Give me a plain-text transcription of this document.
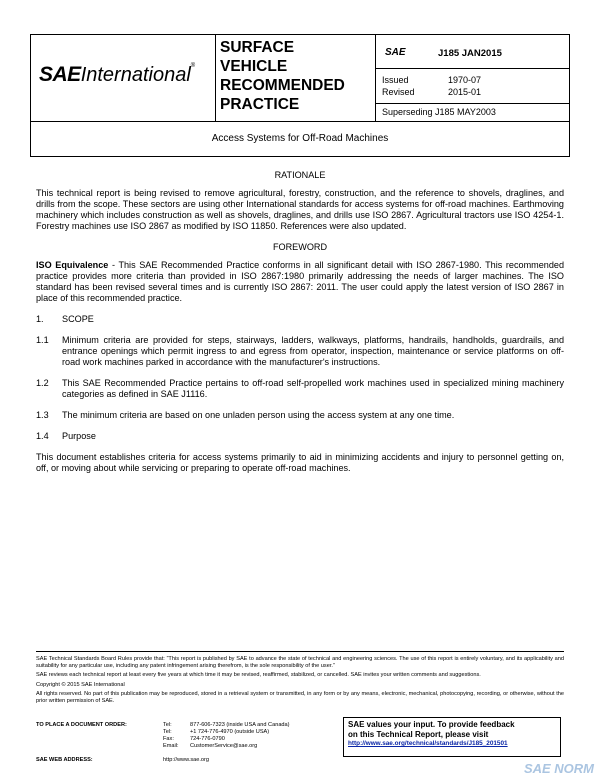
SAEInternational®
SURFACE
VEHICLE
RECOMMENDED
PRACTICE
SAE	J185 JAN2015
Issued	1970-07
Revised	2015-01
Superseding J185 MAY2003
Access Systems for Off-Road Machines
RATIONALE

This technical report is being revised to remove agricultural, forestry, construction, and the reference to shovels, draglines, and drills from the scope. These sectors are using other International standards for access systems for off-road machines. Earthmoving machinery which includes construction as well as shovels, draglines, and drills use ISO 2867. Agricultural tractors use ISO 4254-1. Forestry machines use ISO 2867 as modified by ISO 11850. References were also updated.

FOREWORD

ISO Equivalence - This SAE Recommended Practice conforms in all significant detail with ISO 2867-1980. This recommended practice provides more criteria than provided in ISO 2867:1980 primarily addressing the needs of larger machines. The ISO standard has been revised several times and is currently ISO 2867: 2011. The user could apply the latest version of ISO 2867 in place of this recommended practice.

1.	SCOPE
1.1	Minimum criteria are provided for steps, stairways, ladders, walkways, platforms, handrails, handholds, guardrails, and entrance openings which permit ingress to and egress from operator, inspection, maintenance or service platforms on off-road work machines parked in accordance with the manufacturer's instructions.
1.2	This SAE Recommended Practice pertains to off-road self-propelled work machines used in specialized mining machinery categories as defined in SAE J1116.
1.3	The minimum criteria are based on one unladen person using the access system at any one time.
1.4	Purpose

This document establishes criteria for access systems primarily to aid in minimizing accidents and injury to personnel getting on, off, or moving about while servicing or preparing to operate off-road machines.

SAE Technical Standards Board Rules provide that: “This report is published by SAE to advance the state of technical and engineering sciences. The use of this report is entirely voluntary, and its applicability and suitability for any particular use, including any patent infringement arising therefrom, is the sole responsibility of the user.”

SAE reviews each technical report at least every five years at which time it may be revised, reaffirmed, stabilized, or cancelled. SAE invites your written comments and suggestions.

Copyright © 2015 SAE International

All rights reserved. No part of this publication may be reproduced, stored in a retrieval system or transmitted, in any form or by any means, electronic, mechanical, photocopying, recording, or otherwise, without the prior written permission of SAE.

TO PLACE A DOCUMENT ORDER:	Tel:	877-606-7323 (inside USA and Canada)
Tel:	+1 724-776-4970 (outside USA)
Fax:	724-776-0790
Email: CustomerService@sae.org
SAE WEB ADDRESS:	http://www.sae.org
SAE values your input. To provide feedback
on this Technical Report, please visit
http://www.sae.org/technical/standards/J185_201501
SAE NORM
